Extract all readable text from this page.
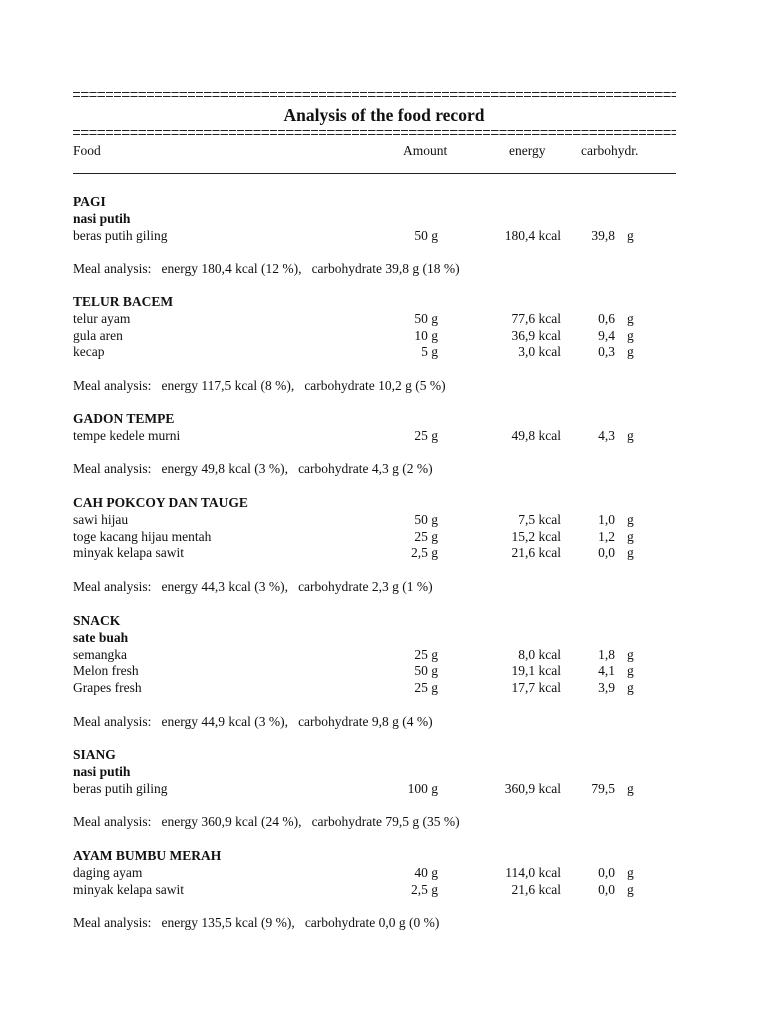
Analysis of the food record
Food	Amount	energy	carbohydr.
PAGI
nasi putih
beras putih giling	50 g	180,4 kcal 39,8 g
Meal analysis:   energy 180,4 kcal (12 %),   carbohydrate 39,8 g (18 %)
TELUR BACEM
telur ayam	50 g	77,6 kcal	0,6 g
gula aren	10 g	36,9 kcal	9,4 g
kecap	5 g	3,0 kcal	0,3 g
Meal analysis:   energy 117,5 kcal (8 %),   carbohydrate 10,2 g (5 %)
GADON TEMPE
tempe kedele murni	25 g	49,8 kcal	4,3 g
Meal analysis:   energy 49,8 kcal (3 %),   carbohydrate 4,3 g (2 %)
CAH POKCOY DAN TAUGE
sawi hijau	50 g	7,5 kcal	1,0 g
toge kacang hijau mentah	25 g	15,2 kcal	1,2 g
minyak kelapa sawit	2,5 g	21,6 kcal	0,0 g
Meal analysis:   energy 44,3 kcal (3 %),   carbohydrate 2,3 g (1 %)
SNACK
sate buah
semangka	25 g	8,0 kcal	1,8 g
Melon fresh	50 g	19,1 kcal	4,1 g
Grapes fresh	25 g	17,7 kcal	3,9 g
Meal analysis:   energy 44,9 kcal (3 %),   carbohydrate 9,8 g (4 %)
SIANG
nasi putih
beras putih giling	100 g	360,9 kcal 79,5 g
Meal analysis:   energy 360,9 kcal (24 %),   carbohydrate 79,5 g (35 %)
AYAM BUMBU MERAH
daging ayam	40 g	114,0 kcal	0,0 g
minyak kelapa sawit	2,5 g	21,6 kcal	0,0 g
Meal analysis:   energy 135,5 kcal (9 %),   carbohydrate 0,0 g (0 %)
